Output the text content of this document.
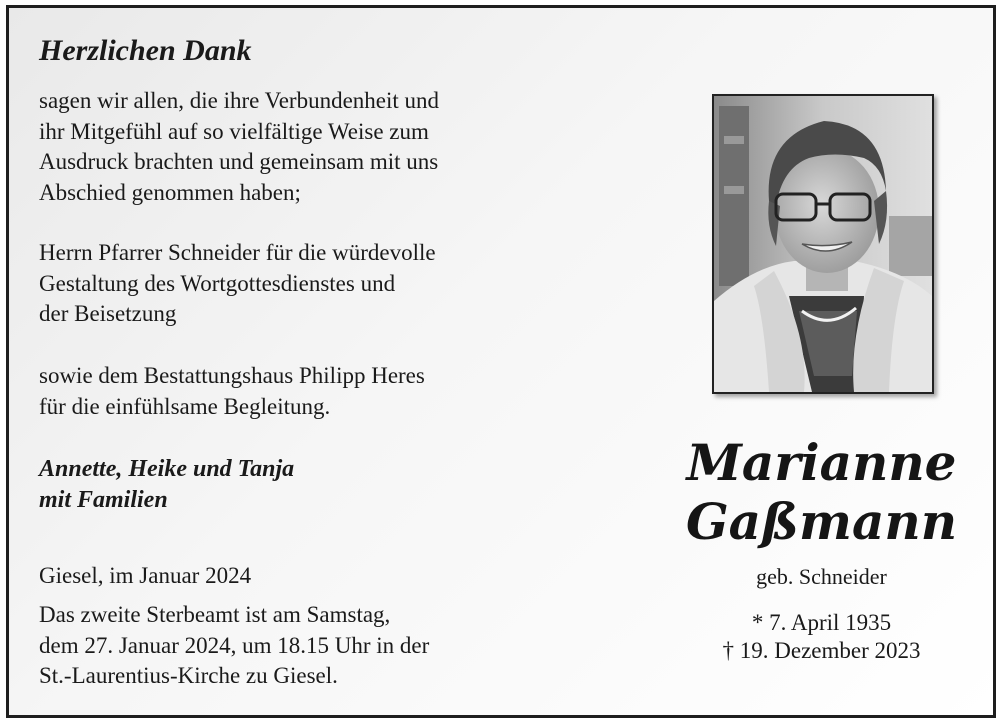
Herzlichen Dank
sagen wir allen, die ihre Verbundenheit und
ihr Mitgefühl auf so vielfältige Weise zum
Ausdruck brachten und gemeinsam mit uns
Abschied genommen haben;
Herrn Pfarrer Schneider für die würdevolle
Gestaltung des Wortgottesdienstes und
der Beisetzung
sowie dem Bestattungshaus Philipp Heres
für die einfühlsame Begleitung.
Annette, Heike und Tanja
mit Familien
Giesel, im Januar 2024
Das zweite Sterbeamt ist am Samstag,
dem 27. Januar 2024, um 18.15 Uhr in der
St.-Laurentius-Kirche zu Giesel.
Marianne
Gaßmann
geb. Schneider
* 7. April 1935
† 19. Dezember 2023
